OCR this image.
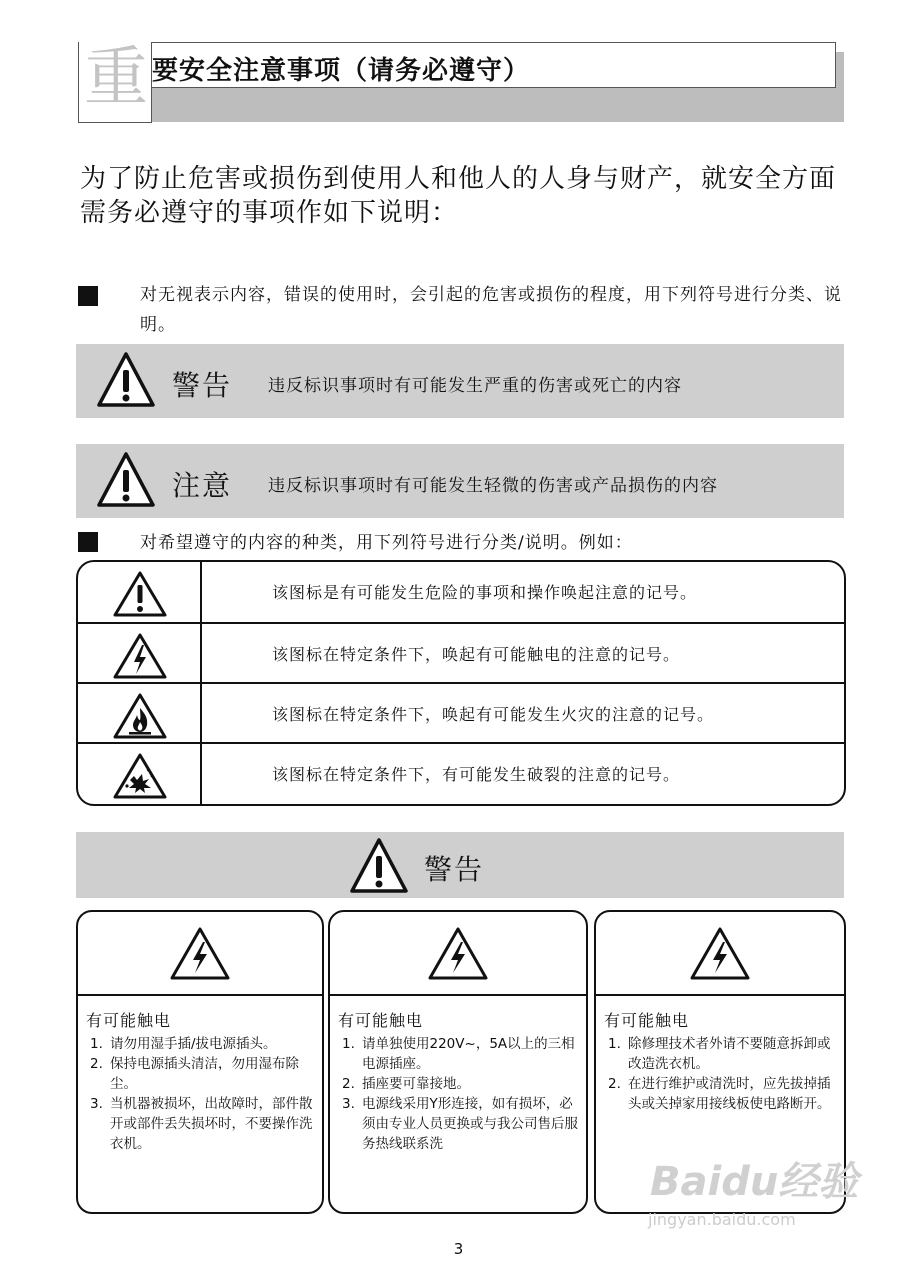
重 要安全注意事项（请务必遵守）
为了防止危害或损伤到使用人和他人的人身与财产，就安全方面需务必遵守的事项作如下说明：
对无视表示内容，错误的使用时，会引起的危害或损伤的程度，用下列符号进行分类、说明。
警告 违反标识事项时有可能发生严重的伤害或死亡的内容
注意 违反标识事项时有可能发生轻微的伤害或产品损伤的内容
对希望遵守的内容的种类，用下列符号进行分类/说明。例如：
该图标是有可能发生危险的事项和操作唤起注意的记号。
该图标在特定条件下，唤起有可能触电的注意的记号。
该图标在特定条件下，唤起有可能发生火灾的注意的记号。
该图标在特定条件下，有可能发生破裂的注意的记号。
警告
有可能触电
1. 请勿用湿手插/拔电源插头。
2. 保持电源插头清洁，勿用湿布除尘。
3. 当机器被损坏，出故障时，部件散开或部件丢失损坏时，不要操作洗衣机。
有可能触电
1. 请单独使用220V~，5A以上的三相电源插座。
2. 插座要可靠接地。
3. 电源线采用Y形连接，如有损坏，必须由专业人员更换或与我公司售后服务热线联系洗
有可能触电
1. 除修理技术者外请不要随意拆卸或改造洗衣机。
2. 在进行维护或清洗时，应先拔掉插头或关掉家用接线板使电路断开。
Baidu经验
jingyan.baidu.com
3
